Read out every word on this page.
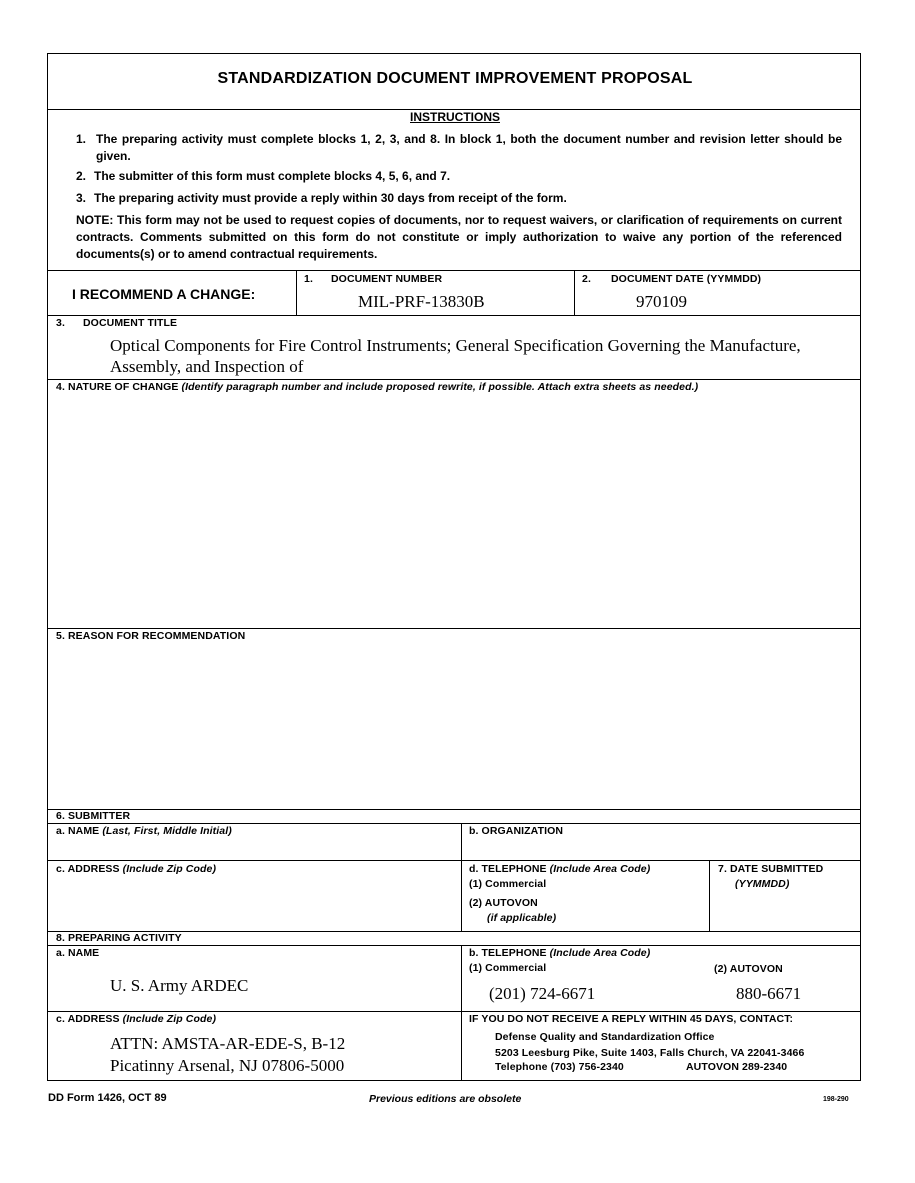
STANDARDIZATION DOCUMENT IMPROVEMENT PROPOSAL
INSTRUCTIONS
1. The preparing activity must complete blocks 1, 2, 3, and 8. In block 1, both the document number and revision letter should be given.
2. The submitter of this form must complete blocks 4, 5, 6, and 7.
3. The preparing activity must provide a reply within 30 days from receipt of the form.
NOTE: This form may not be used to request copies of documents, nor to request waivers, or clarification of requirements on current contracts. Comments submitted on this form do not constitute or imply authorization to waive any portion of the referenced documents(s) or to amend contractual requirements.
I RECOMMEND A CHANGE:
1. DOCUMENT NUMBER
MIL-PRF-13830B
2. DOCUMENT DATE (YYMMDD)
970109
3. DOCUMENT TITLE
Optical Components for Fire Control Instruments; General Specification Governing the Manufacture,
Assembly, and Inspection of
4. NATURE OF CHANGE (Identify paragraph number and include proposed rewrite, if possible. Attach extra sheets as needed.)
5. REASON FOR RECOMMENDATION
6. SUBMITTER
a. NAME (Last, First, Middle Initial)	b. ORGANIZATION
c. ADDRESS (Include Zip Code)	d. TELEPHONE (Include Area Code)
(1) Commercial
(2) AUTOVON
(if applicable)
7. DATE SUBMITTED
(YYMMDD)
8. PREPARING ACTIVITY
a. NAME
U. S. Army ARDEC
b. TELEPHONE (Include Area Code)
(1) Commercial	(2) AUTOVON
(201) 724-6671	880-6671
c. ADDRESS (Include Zip Code)
ATTN: AMSTA-AR-EDE-S, B-12
Picatinny Arsenal, NJ 07806-5000
IF YOU DO NOT RECEIVE A REPLY WITHIN 45 DAYS, CONTACT:
Defense Quality and Standardization Office
5203 Leesburg Pike, Suite 1403, Falls Church, VA 22041-3466
Telephone (703) 756-2340	AUTOVON 289-2340
DD Form 1426, OCT 89	Previous editions are obsolete	198-290
